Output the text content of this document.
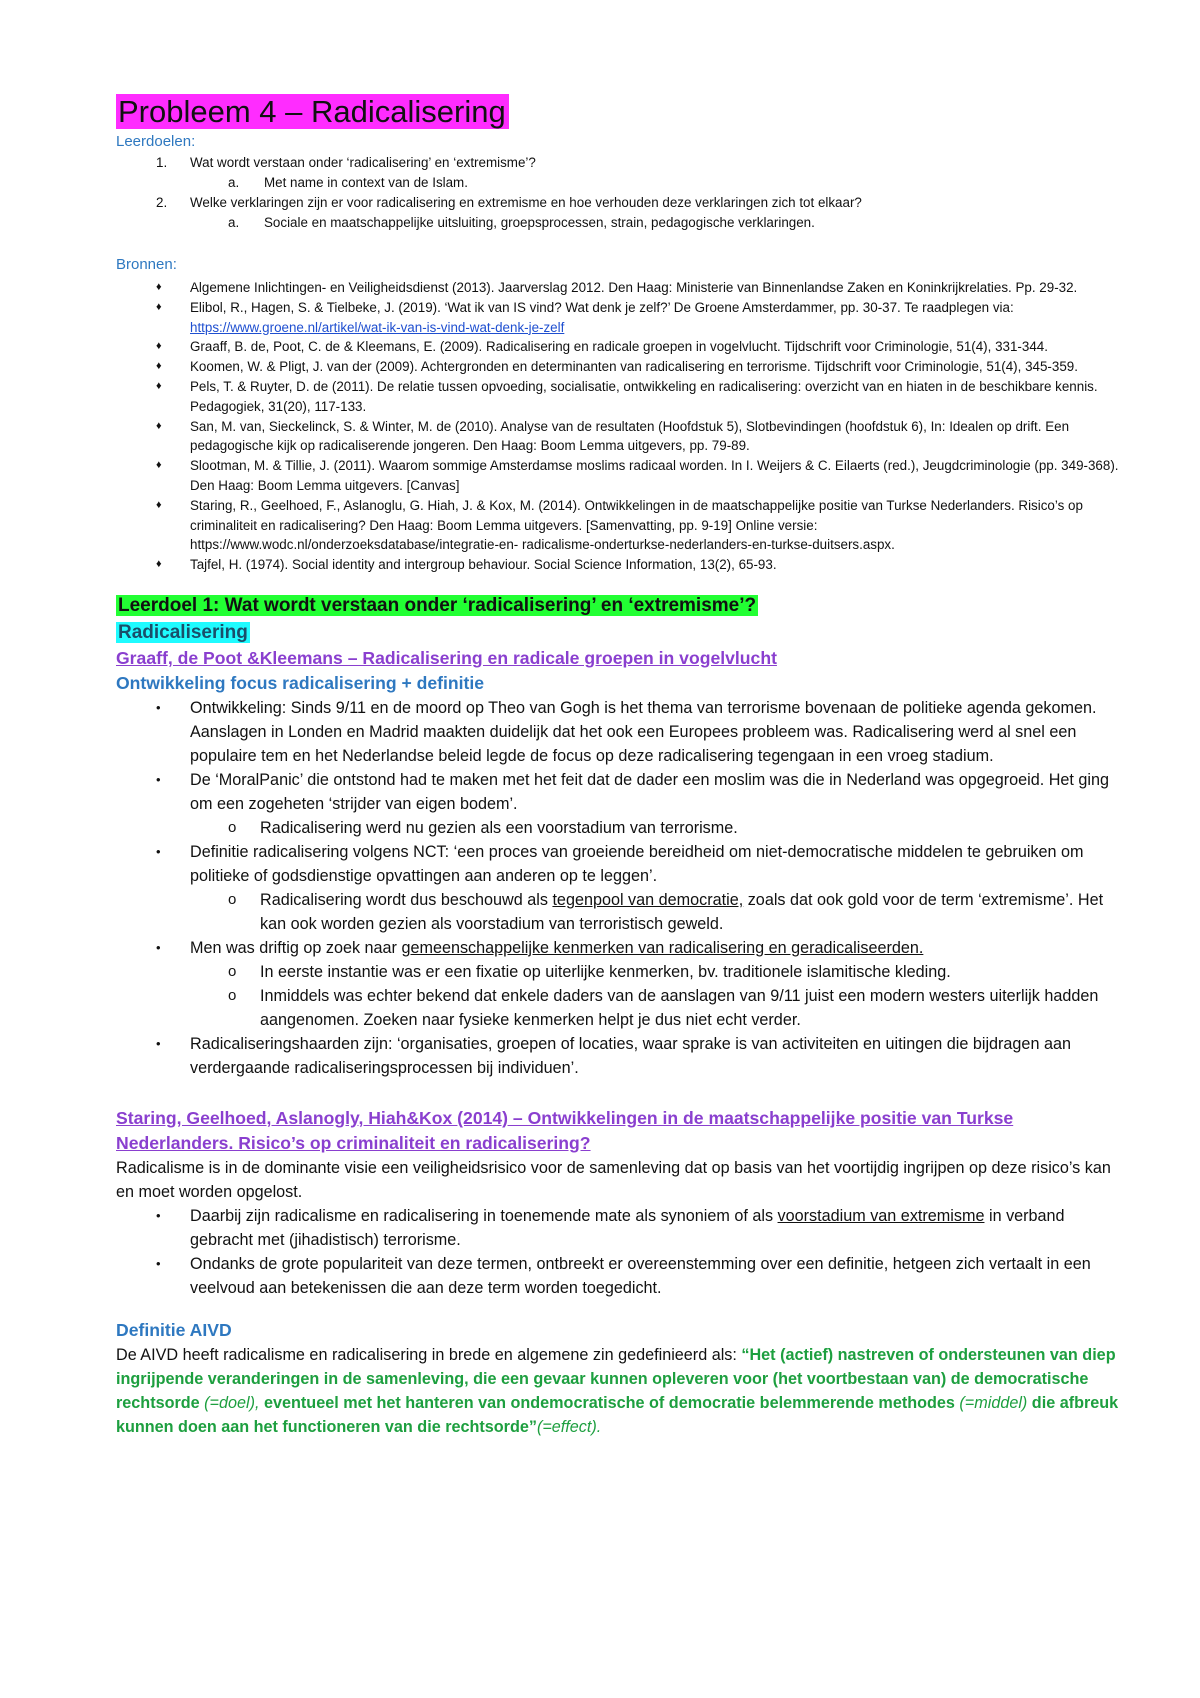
Probleem 4 – Radicalisering

Leerdoelen:

1. Wat wordt verstaan onder ‘radicalisering’ en ‘extremisme’?
a. Met name in context van de Islam.
2. Welke verklaringen zijn er voor radicalisering en extremisme en hoe verhouden deze verklaringen zich tot elkaar?
a. Sociale en maatschappelijke uitsluiting, groepsprocessen, strain, pedagogische verklaringen.

Bronnen:

♦ Algemene Inlichtingen- en Veiligheidsdienst (2013). Jaarverslag 2012. Den Haag: Ministerie van Binnenlandse Zaken en Koninkrijkrelaties. Pp. 29-32.
♦ Elibol, R., Hagen, S. & Tielbeke, J. (2019). ‘Wat ik van IS vind? Wat denk je zelf?’ De Groene Amsterdammer, pp. 30-37. Te raadplegen via: https://www.groene.nl/artikel/wat-ik-van-is-vind-wat-denk-je-zelf
♦ Graaff, B. de, Poot, C. de & Kleemans, E. (2009). Radicalisering en radicale groepen in vogelvlucht. Tijdschrift voor Criminologie, 51(4), 331-344.
♦ Koomen, W. & Pligt, J. van der (2009). Achtergronden en determinanten van radicalisering en terrorisme. Tijdschrift voor Criminologie, 51(4), 345-359.
♦ Pels, T. & Ruyter, D. de (2011). De relatie tussen opvoeding, socialisatie, ontwikkeling en radicalisering: overzicht van en hiaten in de beschikbare kennis. Pedagogiek, 31(20), 117-133.
♦ San, M. van, Sieckelinck, S. & Winter, M. de (2010). Analyse van de resultaten (Hoofdstuk 5), Slotbevindingen (hoofdstuk 6), In: Idealen op drift. Een pedagogische kijk op radicaliserende jongeren. Den Haag: Boom Lemma uitgevers, pp. 79-89.
♦ Slootman, M. & Tillie, J. (2011). Waarom sommige Amsterdamse moslims radicaal worden. In I. Weijers & C. Eilaerts (red.), Jeugdcriminologie (pp. 349-368). Den Haag: Boom Lemma uitgevers. [Canvas]
♦ Staring, R., Geelhoed, F., Aslanoglu, G. Hiah, J. & Kox, M. (2014). Ontwikkelingen in de maatschappelijke positie van Turkse Nederlanders. Risico’s op criminaliteit en radicalisering? Den Haag: Boom Lemma uitgevers. [Samenvatting, pp. 9-19] Online versie: https://www.wodc.nl/onderzoeksdatabase/integratie-en- radicalisme-onderturkse-nederlanders-en-turkse-duitsers.aspx.
♦ Tajfel, H. (1974). Social identity and intergroup behaviour. Social Science Information, 13(2), 65-93.
Leerdoel 1: Wat wordt verstaan onder ‘radicalisering’ en ‘extremisme’?
Radicalisering
Graaff, de Poot &Kleemans – Radicalisering en radicale groepen in vogelvlucht
Ontwikkeling focus radicalisering + definitie
• Ontwikkeling: Sinds 9/11 en de moord op Theo van Gogh is het thema van terrorisme bovenaan de politieke agenda gekomen. Aanslagen in Londen en Madrid maakten duidelijk dat het ook een Europees probleem was. Radicalisering werd al snel een populaire tem en het Nederlandse beleid legde de focus op deze radicalisering tegengaan in een vroeg stadium.
• De ‘MoralPanic’ die ontstond had te maken met het feit dat de dader een moslim was die in Nederland was opgegroeid. Het ging om een zogeheten ‘strijder van eigen bodem’.
o Radicalisering werd nu gezien als een voorstadium van terrorisme.
• Definitie radicalisering volgens NCT: ‘een proces van groeiende bereidheid om niet-democratische middelen te gebruiken om politieke of godsdienstige opvattingen aan anderen op te leggen’.
o Radicalisering wordt dus beschouwd als tegenpool van democratie, zoals dat ook gold voor de term ‘extremisme’. Het kan ook worden gezien als voorstadium van terroristisch geweld.
• Men was driftig op zoek naar gemeenschappelijke kenmerken van radicalisering en geradicaliseerden.
o In eerste instantie was er een fixatie op uiterlijke kenmerken, bv. traditionele islamitische kleding.
o Inmiddels was echter bekend dat enkele daders van de aanslagen van 9/11 juist een modern westers uiterlijk hadden aangenomen. Zoeken naar fysieke kenmerken helpt je dus niet echt verder.
• Radicaliseringshaarden zijn: ‘organisaties, groepen of locaties, waar sprake is van activiteiten en uitingen die bijdragen aan verdergaande radicaliseringsprocessen bij individuen’.
Staring, Geelhoed, Aslanogly, Hiah&Kox (2014) – Ontwikkelingen in de maatschappelijke positie van Turkse Nederlanders. Risico’s op criminaliteit en radicalisering?

Radicalisme is in de dominante visie een veiligheidsrisico voor de samenleving dat op basis van het voortijdig ingrijpen op deze risico’s kan en moet worden opgelost.

• Daarbij zijn radicalisme en radicalisering in toenemende mate als synoniem of als voorstadium van extremisme in verband gebracht met (jihadistisch) terrorisme.
• Ondanks de grote populariteit van deze termen, ontbreekt er overeenstemming over een definitie, hetgeen zich vertaalt in een veelvoud aan betekenissen die aan deze term worden toegedicht.
Definitie AIVD

De AIVD heeft radicalisme en radicalisering in brede en algemene zin gedefinieerd als: “Het (actief) nastreven of ondersteunen van diep ingrijpende veranderingen in de samenleving, die een gevaar kunnen opleveren voor (het voortbestaan van) de democratische rechtsorde (=doel), eventueel met het hanteren van ondemocratische of democratie belemmerende methodes (=middel) die afbreuk kunnen doen aan het functioneren van die rechtsorde”(=effect).
